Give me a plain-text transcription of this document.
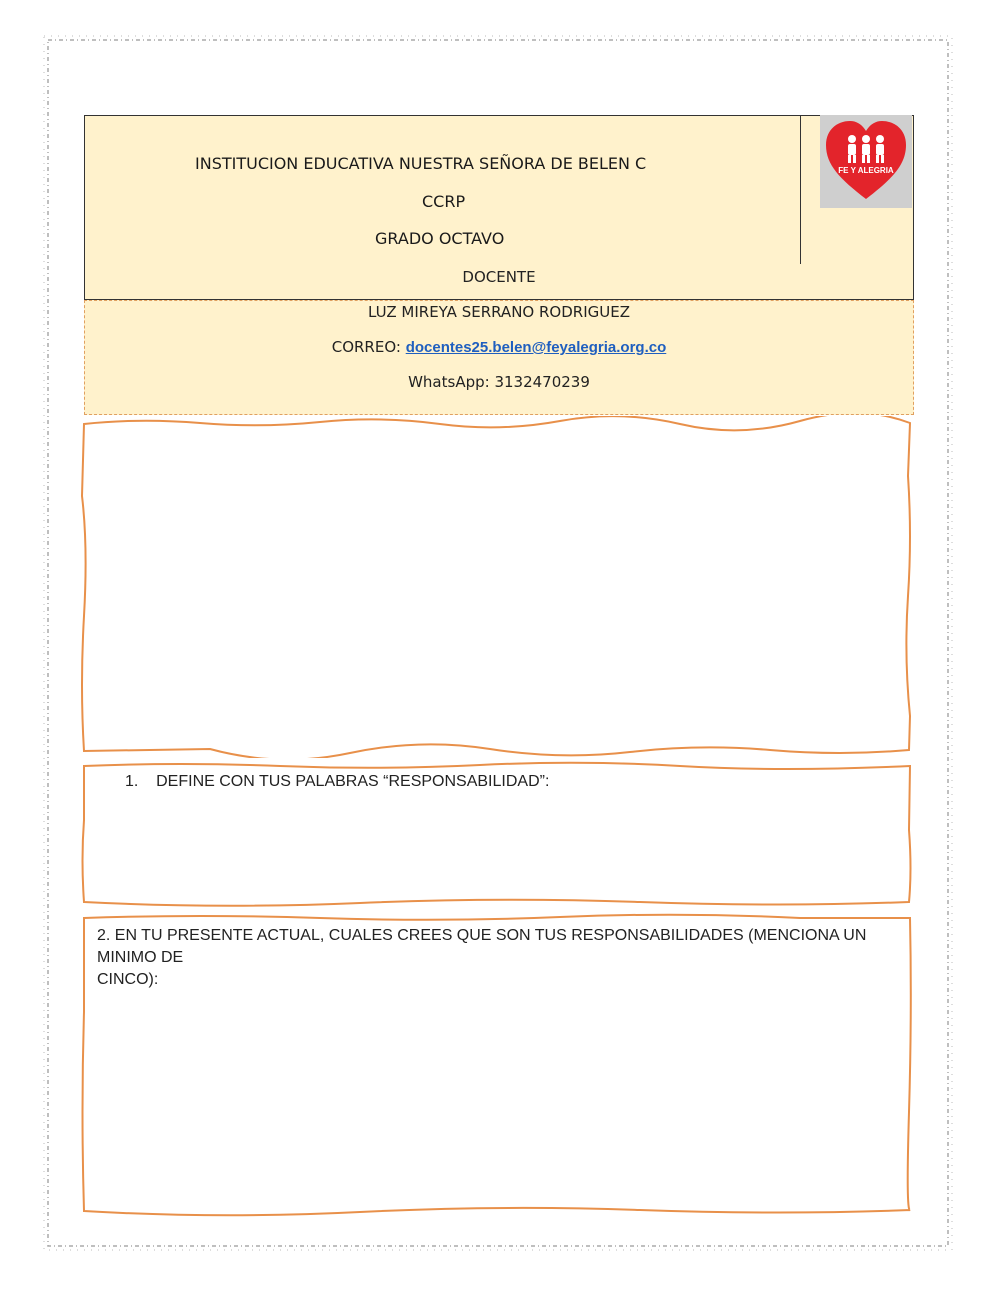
INSTITUCION EDUCATIVA NUESTRA SEÑORA DE BELEN C
CCRP
GRADO OCTAVO
FE Y ALEGRIA
DOCENTE
LUZ MIREYA SERRANO RODRIGUEZ
CORREO: docentes25.belen@feyalegria.org.co
WhatsApp: 3132470239
1. DEFINE CON TUS PALABRAS “RESPONSABILIDAD”:
2. EN TU PRESENTE ACTUAL, CUALES CREES QUE SON TUS RESPONSABILIDADES (MENCIONA UN MINIMO DE
CINCO):
